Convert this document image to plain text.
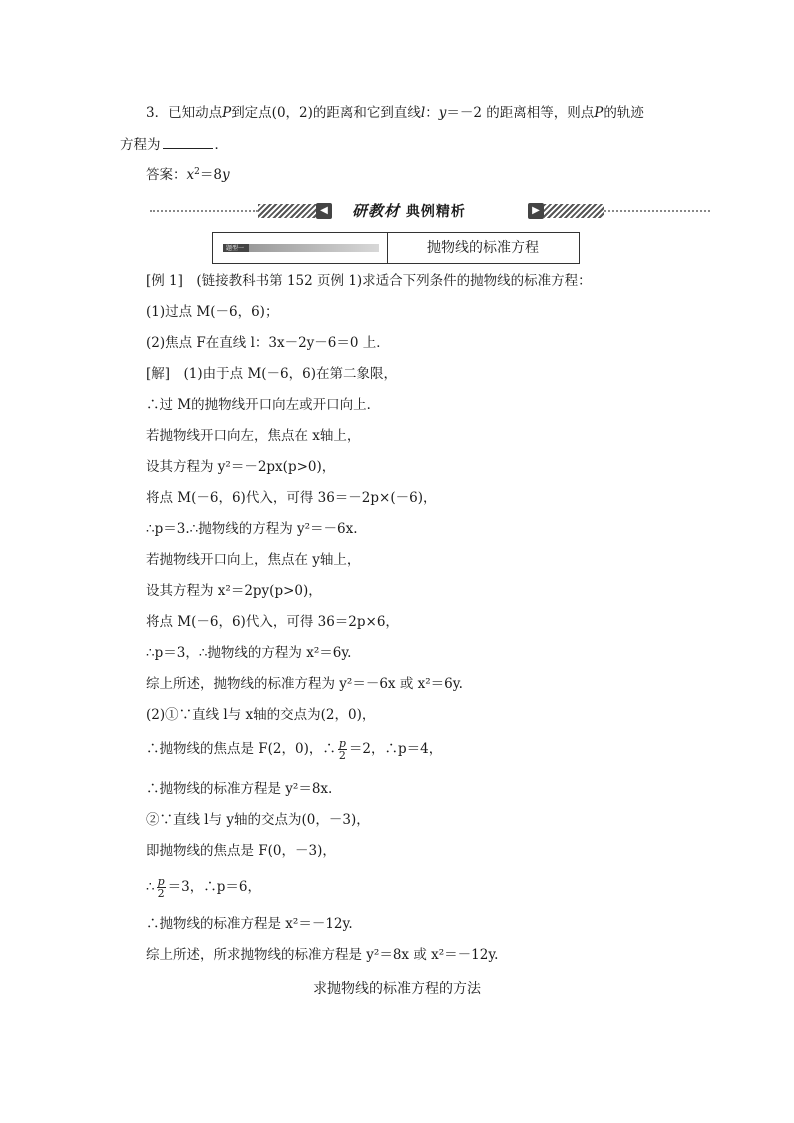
3．已知动点P到定点(0，2)的距离和它到直线l：y＝－2 的距离相等，则点P的轨迹
方程为	．
答案：$x^2=8y$
◀ 研教材 典例精析	▶
题型一	抛物线的标准方程
[例 1]　(链接教科书第 152 页例 1)求适合下列条件的抛物线的标准方程：
(1)过点 M(－6，6)；
(2)焦点 F在直线 l：3x－2y－6＝0 上．
[解]　(1)由于点 M(－6，6)在第二象限，
∴过 M的抛物线开口向左或开口向上．
若抛物线开口向左，焦点在 x轴上，
设其方程为 y²＝－2px(p>0)，
将点 M(－6，6)代入，可得 36＝－2p×(－6)，
∴p＝3.∴抛物线的方程为 y²＝－6x.
若抛物线开口向上，焦点在 y轴上，
设其方程为 x²＝2py(p>0)，
将点 M(－6，6)代入，可得 36＝2p×6，
∴p＝3，∴抛物线的方程为 x²＝6y.
综上所述，抛物线的标准方程为 y²＝－6x 或 x²＝6y.
(2)①∵直线 l与 x轴的交点为(2，0)，
∴抛物线的焦点是 F(2，0)，∴ $\frac{p}{2} =2$，∴p＝4，
∴抛物线的标准方程是 y²＝8x.
②∵直线 l与 y轴的交点为(0，－3)，
即抛物线的焦点是 F(0，－3)，
∴ $\frac{p}{2} =3$，∴p＝6，
∴抛物线的标准方程是 x²＝－12y.
综上所述，所求抛物线的标准方程是 y²＝8x 或 x²＝－12y.
求抛物线的标准方程的方法
